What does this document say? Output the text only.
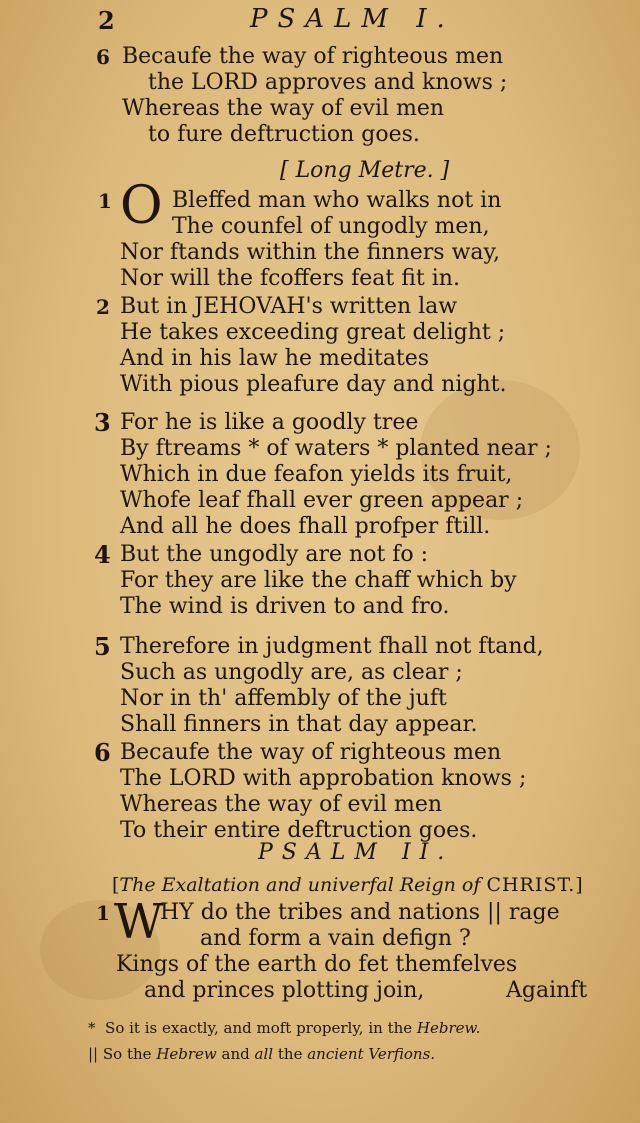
2	PSALM I.
6 Becaufe the way of righteous men
the LORD approves and knows ;
Whereas the way of evil men
to fure deftruction goes.
[ Long Metre. ]
1 O Bleffed man who walks not in
The counfel of ungodly men,
Nor ftands within the finners way,
Nor will the fcoffers feat fit in.
2 But in JEHOVAH's written law
He takes exceeding great delight ;
And in his law he meditates
With pious pleafure day and night.
3 For he is like a goodly tree
By ftreams * of waters * planted near ;
Which in due feafon yields its fruit,
Whofe leaf fhall ever green appear ;
And all he does fhall profper ftill.
4 But the ungodly are not fo :
For they are like the chaff which by
The wind is driven to and fro.
5 Therefore in judgment fhall not ftand,
Such as ungodly are, as clear ;
Nor in th' affembly of the juft
Shall finners in that day appear.
6 Becaufe the way of righteous men
The LORD with approbation knows ;
Whereas the way of evil men
To their entire deftruction goes.
PSALM II.
[The Exaltation and univerfal Reign of CHRIST.]
1 W
HY do the tribes and nations || rage
and form a vain defign ?
Kings of the earth do fet themfelves
and princes plotting join,	Againft
* So it is exactly, and moft properly, in the Hebrew.
|| So the Hebrew and all the ancient Verfions.
